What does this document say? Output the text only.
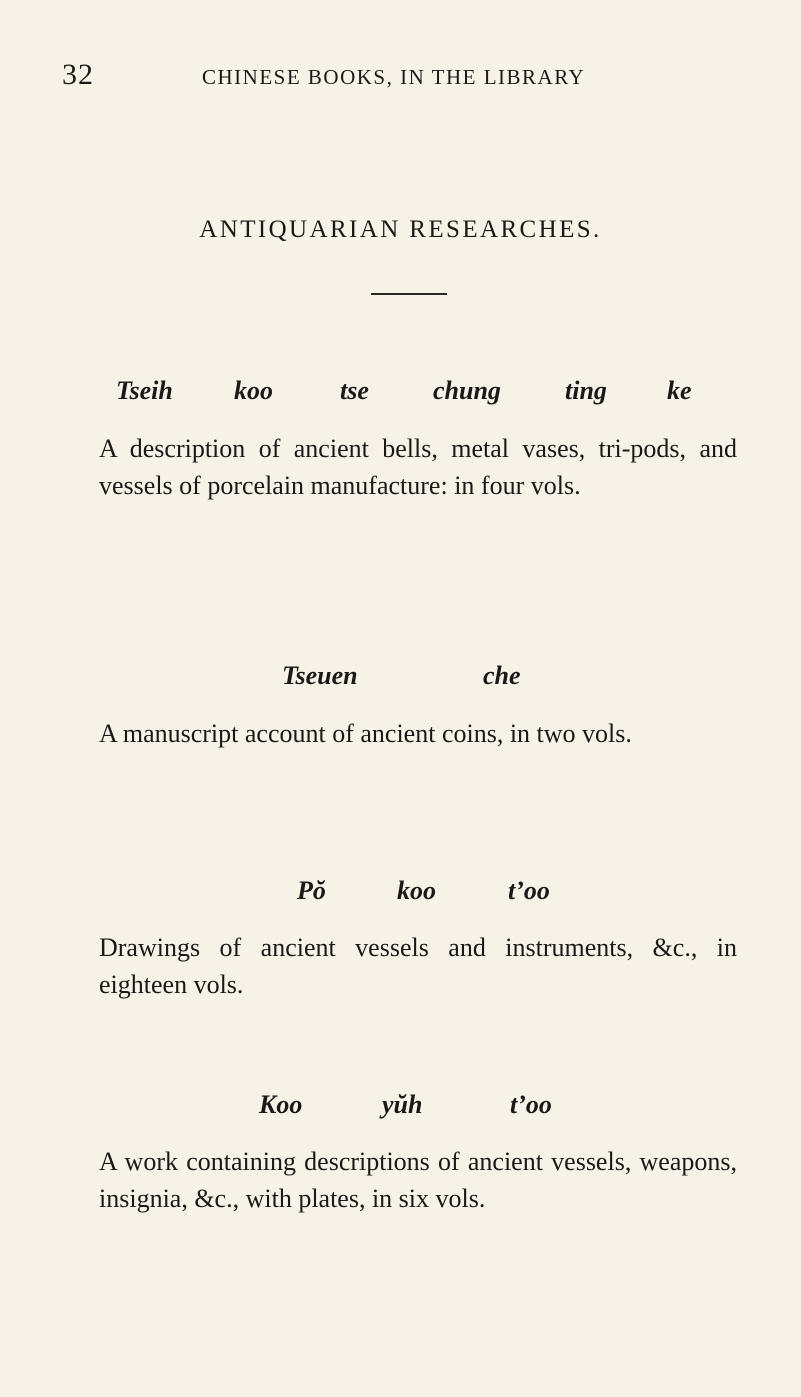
32	CHINESE BOOKS, IN THE LIBRARY
ANTIQUARIAN RESEARCHES.
Tseih koo	tse chung ting ke
A description of ancient bells, metal vases, tri-pods, and vessels of porcelain manufacture: in four vols.
Tseuen	che
A manuscript account of ancient coins, in two vols.
Pŏ	koo	t’oo
Drawings of ancient vessels and instruments, &c., in eighteen vols.
Koo	yŭh	t’oo
A work containing descriptions of ancient vessels, weapons, insignia, &c., with plates, in six vols.
